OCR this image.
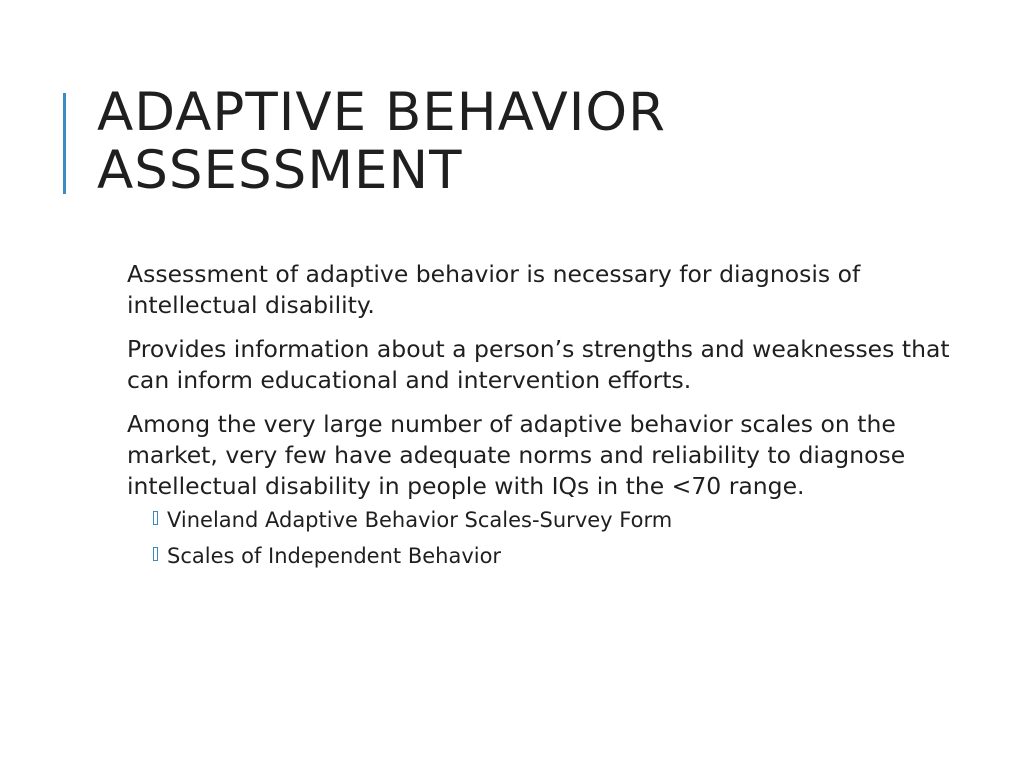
ADAPTIVE BEHAVIOR
ASSESSMENT

Assessment of adaptive behavior is necessary for diagnosis of intellectual disability.

Provides information about a person’s strengths and weaknesses that can inform educational and intervention efforts.

Among the very large number of adaptive behavior scales on the market, very few have adequate norms and reliability to diagnose intellectual disability in people with IQs in the <70 range.

Vineland Adaptive Behavior Scales-Survey Form
Scales of Independent Behavior
